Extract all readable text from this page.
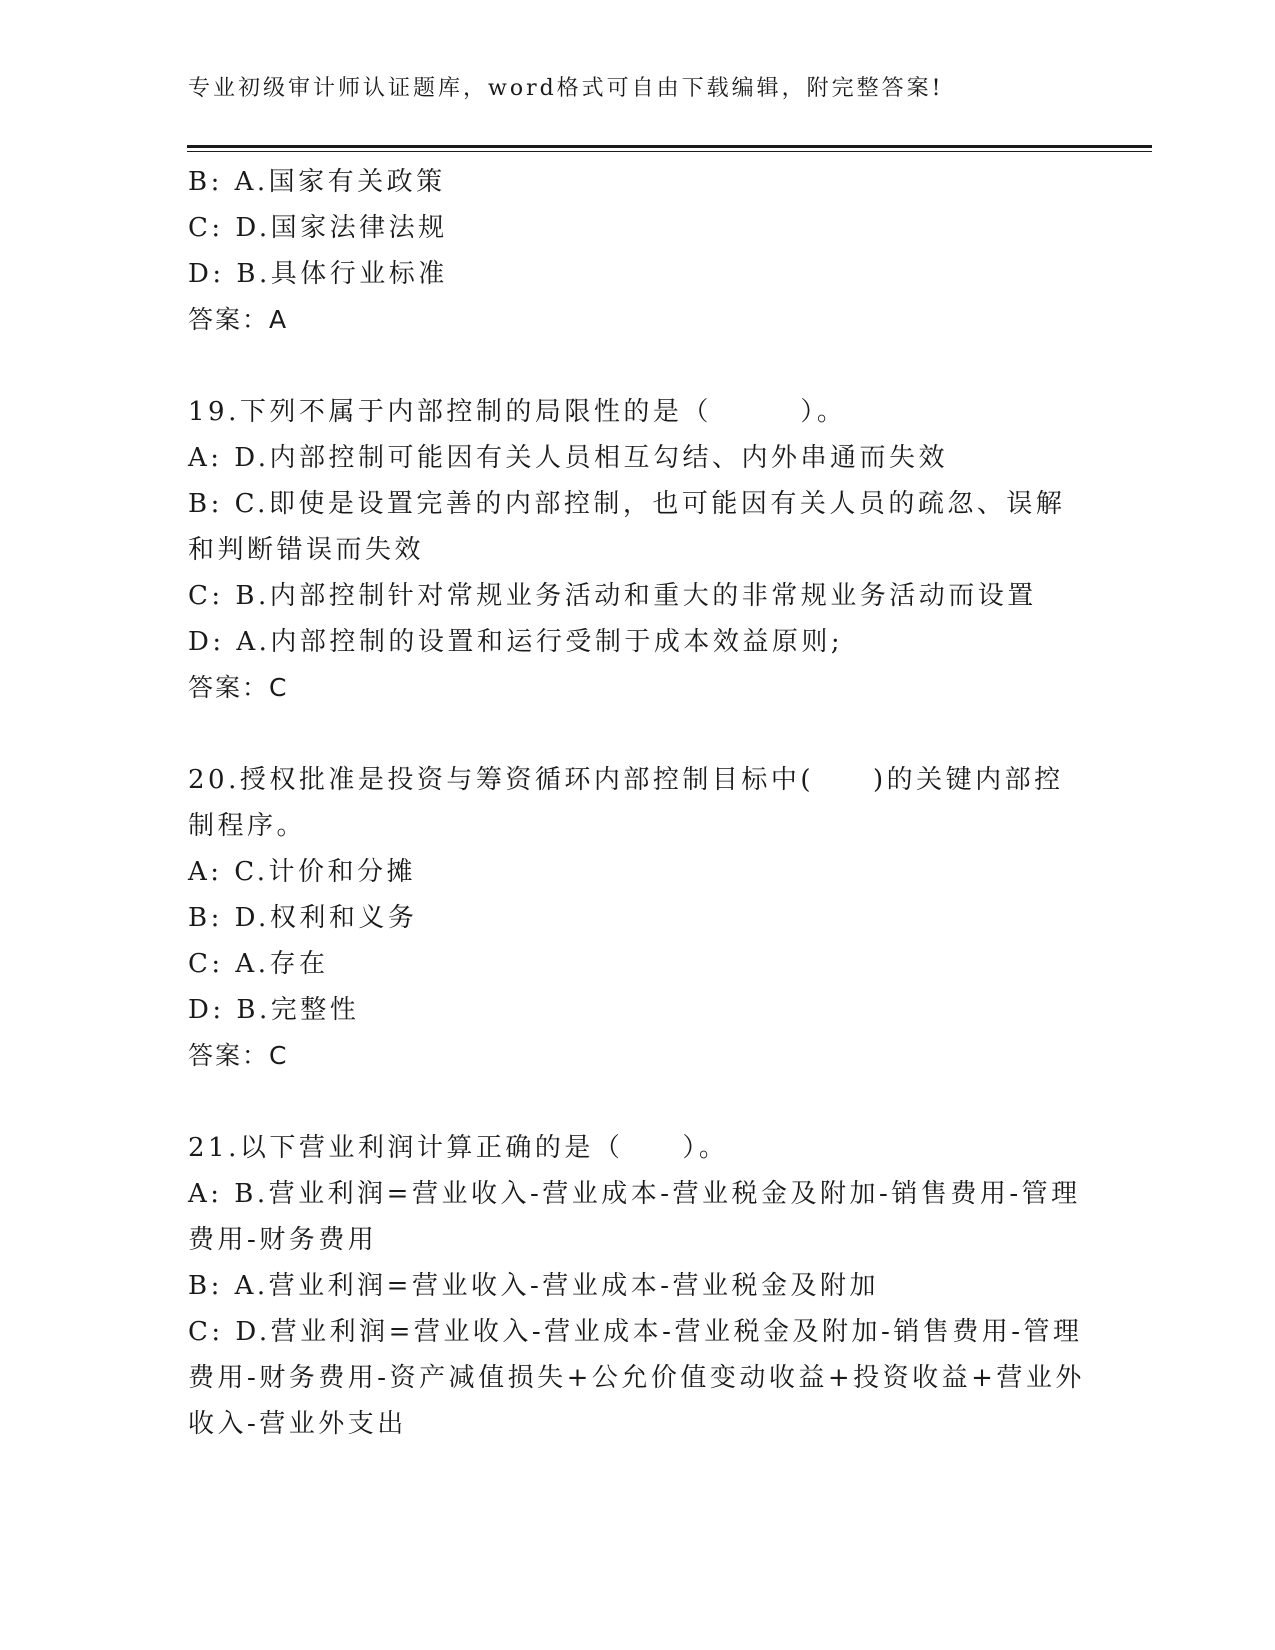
专业初级审计师认证题库，word格式可自由下载编辑，附完整答案!

B: A.国家有关政策

C: D.国家法律法规

D: B.具体行业标准

答案：A

19.下列不属于内部控制的局限性的是（　　　）。

A: D.内部控制可能因有关人员相互勾结、内外串通而失效

B: C.即使是设置完善的内部控制，也可能因有关人员的疏忽、误解和判断错误而失效

C: B.内部控制针对常规业务活动和重大的非常规业务活动而设置

D: A.内部控制的设置和运行受制于成本效益原则;

答案：C

20.授权批准是投资与筹资循环内部控制目标中(　　)的关键内部控制程序。

A: C.计价和分摊

B: D.权利和义务

C: A.存在

D: B.完整性

答案：C

21.以下营业利润计算正确的是（　　）。

A: B.营业利润=营业收入-营业成本-营业税金及附加-销售费用-管理费用-财务费用

B: A.营业利润=营业收入-营业成本-营业税金及附加

C: D.营业利润=营业收入-营业成本-营业税金及附加-销售费用-管理费用-财务费用-资产减值损失+公允价值变动收益+投资收益+营业外收入-营业外支出
